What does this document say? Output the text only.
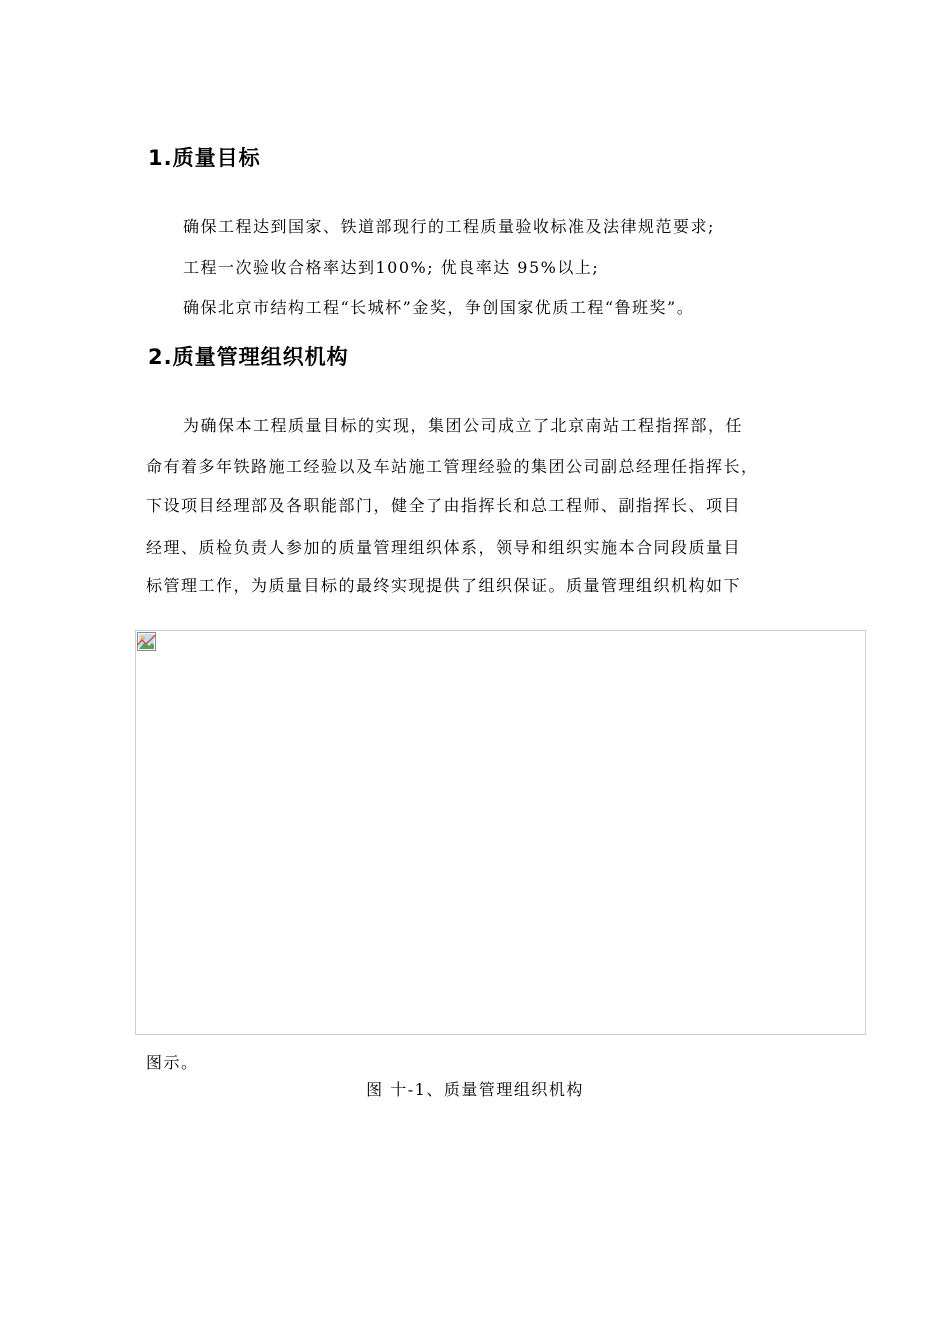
1.质量目标

确保工程达到国家、铁道部现行的工程质量验收标准及法律规范要求;

工程一次验收合格率达到100%; 优良率达 95%以上;

确保北京市结构工程“长城杯”金奖，争创国家优质工程“鲁班奖”。

2.质量管理组织机构

为确保本工程质量目标的实现，集团公司成立了北京南站工程指挥部，任

命有着多年铁路施工经验以及车站施工管理经验的集团公司副总经理任指挥长，

下设项目经理部及各职能部门，健全了由指挥长和总工程师、副指挥长、项目

经理、质检负责人参加的质量管理组织体系，领导和组织实施本合同段质量目

标管理工作，为质量目标的最终实现提供了组织保证。质量管理组织机构如下

图示。

图 十-1、质量管理组织机构
